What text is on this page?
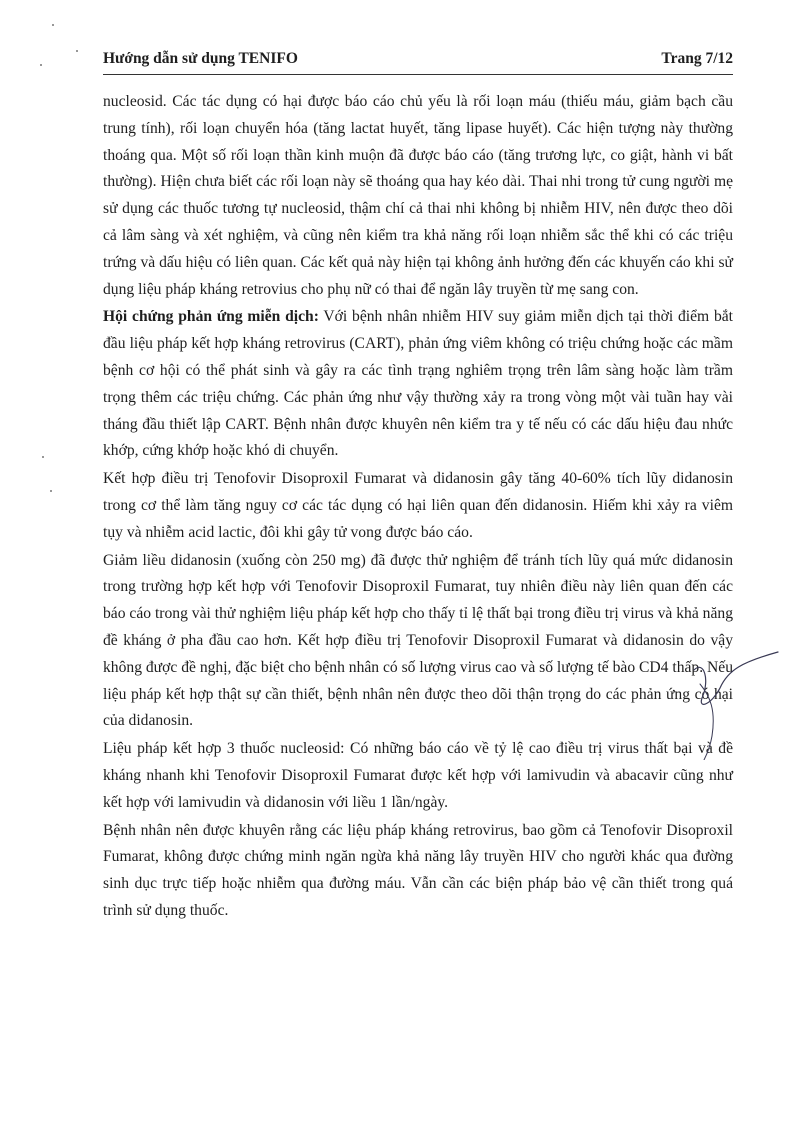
Hướng dẫn sử dụng TENIFO	Trang 7/12

nucleosid. Các tác dụng có hại được báo cáo chủ yếu là rối loạn máu (thiếu máu, giảm bạch cầu trung tính), rối loạn chuyển hóa (tăng lactat huyết, tăng lipase huyết). Các hiện tượng này thường thoáng qua. Một số rối loạn thần kinh muộn đã được báo cáo (tăng trương lực, co giật, hành vi bất thường). Hiện chưa biết các rối loạn này sẽ thoáng qua hay kéo dài. Thai nhi trong tử cung người mẹ sử dụng các thuốc tương tự nucleosid, thậm chí cả thai nhi không bị nhiễm HIV, nên được theo dõi cả lâm sàng và xét nghiệm, và cũng nên kiểm tra khả năng rối loạn nhiễm sắc thể khi có các triệu trứng và dấu hiệu có liên quan. Các kết quả này hiện tại không ảnh hưởng đến các khuyến cáo khi sử dụng liệu pháp kháng retrovius cho phụ nữ có thai để ngăn lây truyền từ mẹ sang con.

Hội chứng phản ứng miễn dịch: Với bệnh nhân nhiễm HIV suy giảm miễn dịch tại thời điểm bắt đầu liệu pháp kết hợp kháng retrovirus (CART), phản ứng viêm không có triệu chứng hoặc các mầm bệnh cơ hội có thể phát sinh và gây ra các tình trạng nghiêm trọng trên lâm sàng hoặc làm trầm trọng thêm các triệu chứng. Các phản ứng như vậy thường xảy ra trong vòng một vài tuần hay vài tháng đầu thiết lập CART. Bệnh nhân được khuyên nên kiểm tra y tế nếu có các dấu hiệu đau nhức khớp, cứng khớp hoặc khó di chuyển.

Kết hợp điều trị Tenofovir Disoproxil Fumarat và didanosin gây tăng 40-60% tích lũy didanosin trong cơ thể làm tăng nguy cơ các tác dụng có hại liên quan đến didanosin. Hiếm khi xảy ra viêm tụy và nhiễm acid lactic, đôi khi gây tử vong được báo cáo.

Giảm liều didanosin (xuống còn 250 mg) đã được thử nghiệm để tránh tích lũy quá mức didanosin trong trường hợp kết hợp với Tenofovir Disoproxil Fumarat, tuy nhiên điều này liên quan đến các báo cáo trong vài thử nghiệm liệu pháp kết hợp cho thấy tỉ lệ thất bại trong điều trị virus và khả năng đề kháng ở pha đầu cao hơn. Kết hợp điều trị Tenofovir Disoproxil Fumarat và didanosin do vậy không được đề nghị, đặc biệt cho bệnh nhân có số lượng virus cao và số lượng tế bào CD4 thấp. Nếu liệu pháp kết hợp thật sự cần thiết, bệnh nhân nên được theo dõi thận trọng do các phản ứng có hại của didanosin.

Liệu pháp kết hợp 3 thuốc nucleosid: Có những báo cáo về tỷ lệ cao điều trị virus thất bại và đề kháng nhanh khi Tenofovir Disoproxil Fumarat được kết hợp với lamivudin và abacavir cũng như kết hợp với lamivudin và didanosin với liều 1 lần/ngày.

Bệnh nhân nên được khuyên rằng các liệu pháp kháng retrovirus, bao gồm cả Tenofovir Disoproxil Fumarat, không được chứng minh ngăn ngừa khả năng lây truyền HIV cho người khác qua đường sinh dục trực tiếp hoặc nhiễm qua đường máu. Vẫn cần các biện pháp bảo vệ cần thiết trong quá trình sử dụng thuốc.
